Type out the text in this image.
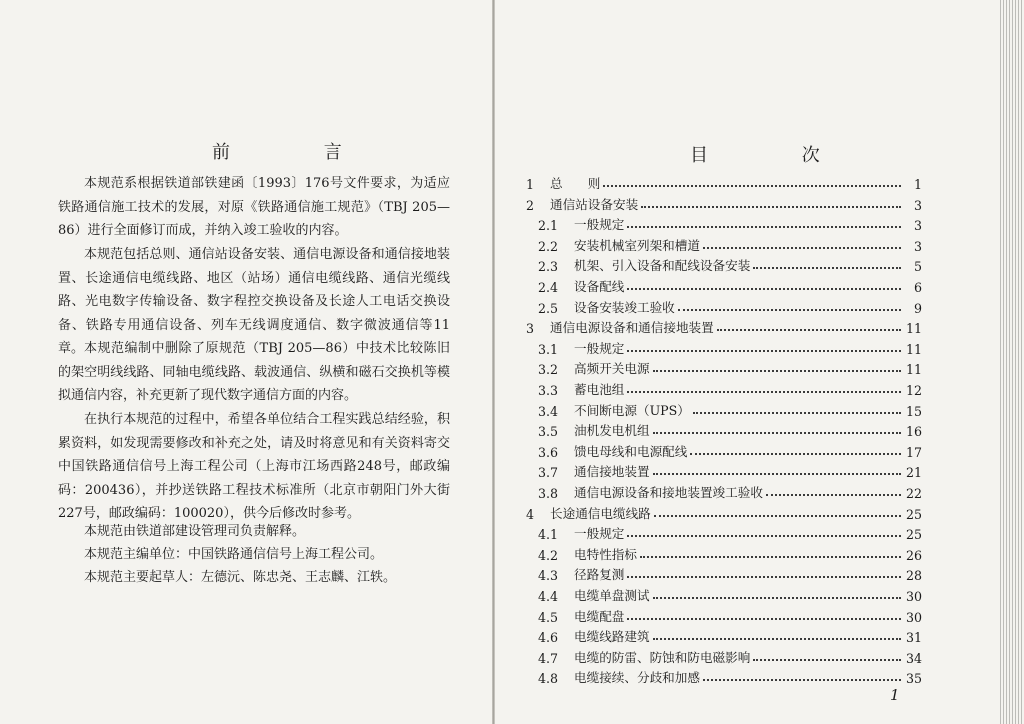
前 言
本规范系根据铁道部铁建函〔1993〕176号文件要求，为适应铁路通信施工技术的发展，对原《铁路通信施工规范》（TBJ 205—86）进行全面修订而成，并纳入竣工验收的内容。
本规范包括总则、通信站设备安装、通信电源设备和通信接地装置、长途通信电缆线路、地区（站场）通信电缆线路、通信光缆线路、光电数字传输设备、数字程控交换设备及长途人工电话交换设备、铁路专用通信设备、列车无线调度通信、数字微波通信等11章。 本规范编制中删除了原规范（TBJ 205—86）中技术比较陈旧的架空明线线路、同轴电缆线路、载波通信、纵横和磁石交换机等模拟通信内容，补充更新了现代数字通信方面的内容。
在执行本规范的过程中，希望各单位结合工程实践总结经验，积累资料，如发现需要修改和补充之处，请及时将意见和有关资料寄交中国铁路通信信号上海工程公司（上海市江场西路248号，邮政编码：200436），并抄送铁路工程技术标准所（北京市朝阳门外大街227号，邮政编码：100020），供今后修改时参考。
本规范由铁道部建设管理司负责解释。
本规范主编单位：中国铁路通信信号上海工程公司。
本规范主要起草人：左德沅、陈忠尧、王志麟、江轶。
目 次
1	总　　则	1
2	通信站设备安装	3
2.1	一般规定	3
2.2	安装机械室列架和槽道	3
2.3	机架、引入设备和配线设备安装	5
2.4	设备配线	6
2.5	设备安装竣工验收	9
3	通信电源设备和通信接地装置	11
3.1	一般规定	11
3.2	高频开关电源	11
3.3	蓄电池组	12
3.4	不间断电源（UPS）	15
3.5	油机发电机组	16
3.6	馈电母线和电源配线	17
3.7	通信接地装置	21
3.8	通信电源设备和接地装置竣工验收	22
4	长途通信电缆线路	25
4.1	一般规定	25
4.2	电特性指标	26
4.3	径路复测	28
4.4	电缆单盘测试	30
4.5	电缆配盘	30
4.6	电缆线路建筑	31
4.7	电缆的防雷、防蚀和防电磁影响	34
4.8	电缆接续、分歧和加感	35
1
